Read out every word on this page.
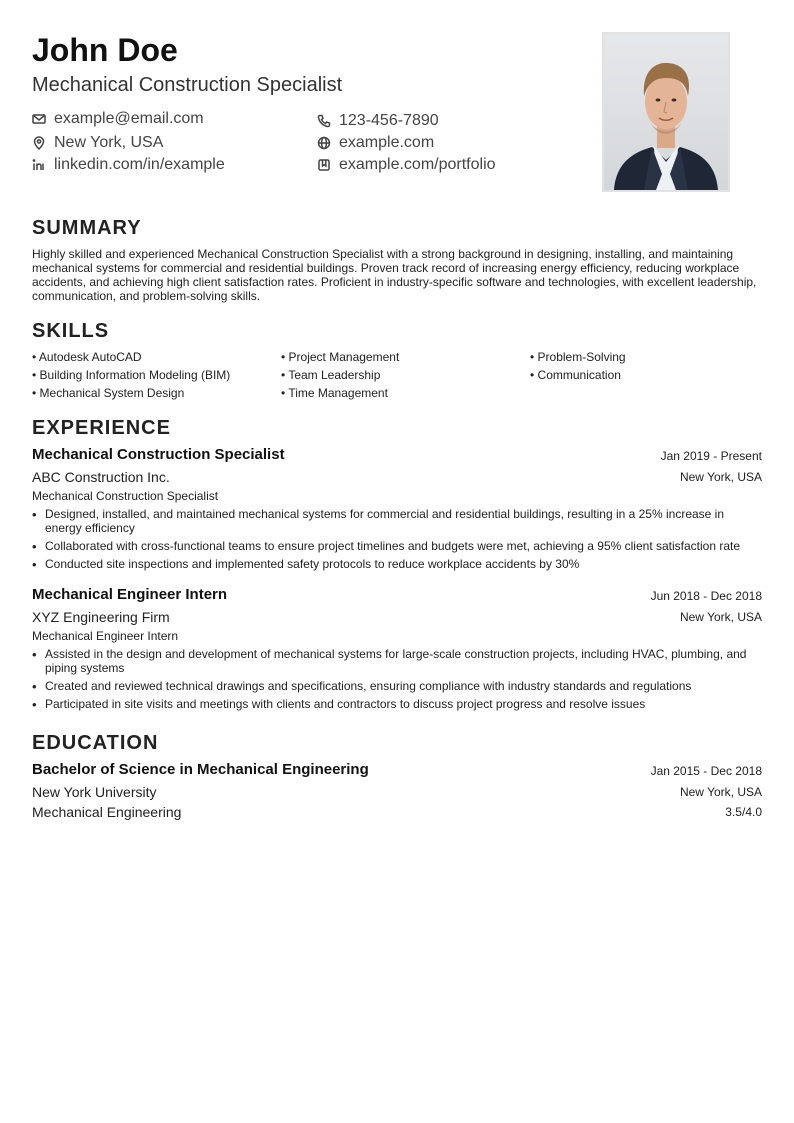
John Doe
Mechanical Construction Specialist
example@email.com	123-456-7890
New York, USA	example.com
linkedin.com/in/example	example.com/portfolio
SUMMARY
Highly skilled and experienced Mechanical Construction Specialist with a strong background in designing, installing, and maintaining mechanical systems for commercial and residential buildings. Proven track record of increasing energy efficiency, reducing workplace accidents, and achieving high client satisfaction rates. Proficient in industry-specific software and technologies, with excellent leadership, communication, and problem-solving skills.
SKILLS
• Autodesk AutoCAD	• Project Management	• Problem-Solving
• Building Information Modeling (BIM)	• Team Leadership	• Communication
• Mechanical System Design	• Time Management
EXPERIENCE
Mechanical Construction Specialist	Jan 2019 - Present
ABC Construction Inc.	New York, USA
Mechanical Construction Specialist
• Designed, installed, and maintained mechanical systems for commercial and residential buildings, resulting in a 25% increase in energy efficiency
• Collaborated with cross-functional teams to ensure project timelines and budgets were met, achieving a 95% client satisfaction rate
• Conducted site inspections and implemented safety protocols to reduce workplace accidents by 30%
Mechanical Engineer Intern	Jun 2018 - Dec 2018
XYZ Engineering Firm	New York, USA
Mechanical Engineer Intern
• Assisted in the design and development of mechanical systems for large-scale construction projects, including HVAC, plumbing, and piping systems
• Created and reviewed technical drawings and specifications, ensuring compliance with industry standards and regulations
• Participated in site visits and meetings with clients and contractors to discuss project progress and resolve issues
EDUCATION
Bachelor of Science in Mechanical Engineering	Jan 2015 - Dec 2018
New York University	New York, USA
Mechanical Engineering	3.5/4.0
